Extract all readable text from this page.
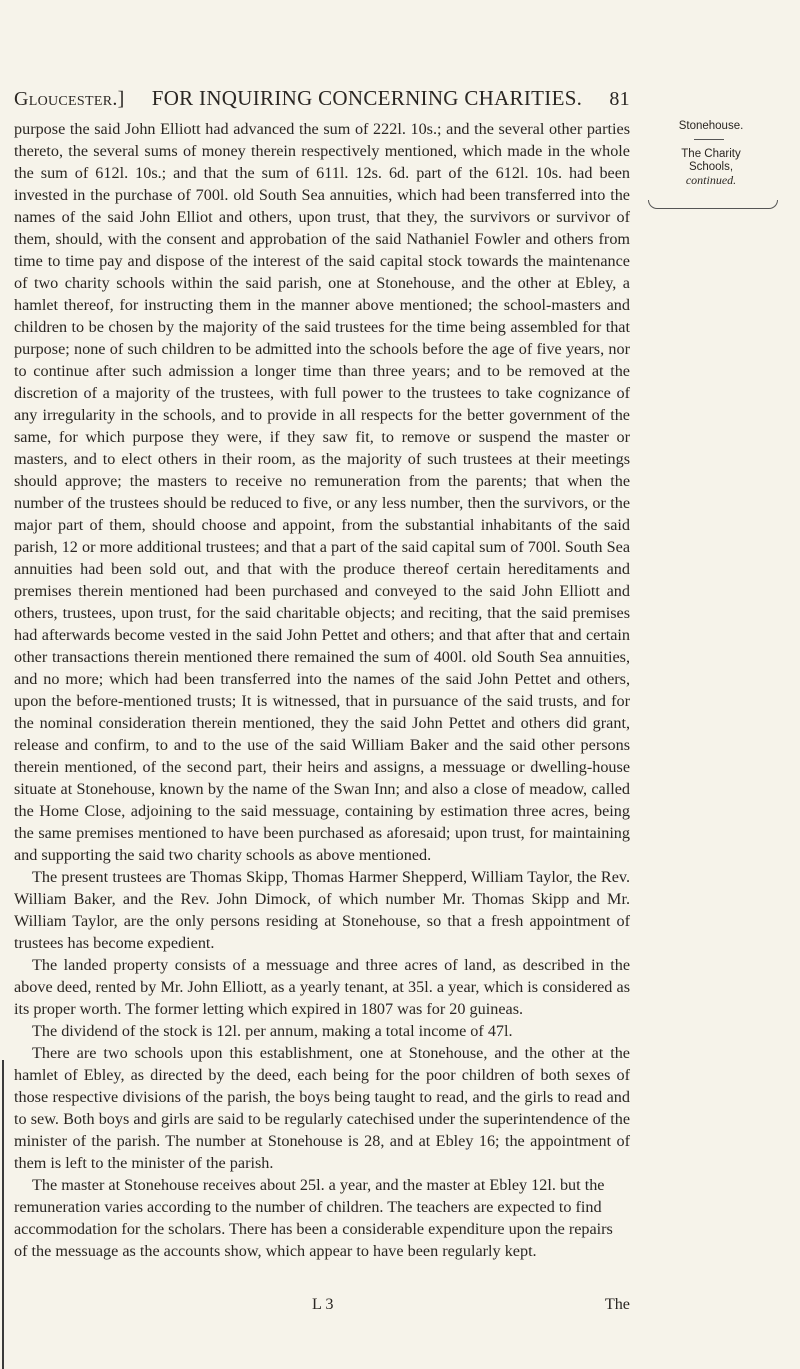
Gloucester.] FOR INQUIRING CONCERNING CHARITIES. 81
Stonehouse.
The Charity
Schools,
continued.

purpose the said John Elliott had advanced the sum of 222l. 10s.; and the several other parties thereto, the several sums of money therein respectively mentioned, which made in the whole the sum of 612l. 10s.; and that the sum of 611l. 12s. 6d. part of the 612l. 10s. had been invested in the purchase of 700l. old South Sea annuities, which had been transferred into the names of the said John Elliot and others, upon trust, that they, the survivors or survivor of them, should, with the consent and approbation of the said Nathaniel Fowler and others from time to time pay and dispose of the interest of the said capital stock towards the maintenance of two charity schools within the said parish, one at Stonehouse, and the other at Ebley, a hamlet thereof, for instructing them in the manner above mentioned; the school-masters and children to be chosen by the majority of the said trustees for the time being assembled for that purpose; none of such children to be admitted into the schools before the age of five years, nor to continue after such admission a longer time than three years; and to be removed at the discretion of a majority of the trustees, with full power to the trustees to take cognizance of any irregularity in the schools, and to provide in all respects for the better government of the same, for which purpose they were, if they saw fit, to remove or suspend the master or masters, and to elect others in their room, as the majority of such trustees at their meetings should approve; the masters to receive no remuneration from the parents; that when the number of the trustees should be reduced to five, or any less number, then the survivors, or the major part of them, should choose and appoint, from the substantial inhabitants of the said parish, 12 or more additional trustees; and that a part of the said capital sum of 700l. South Sea annuities had been sold out, and that with the produce thereof certain hereditaments and premises therein mentioned had been purchased and conveyed to the said John Elliott and others, trustees, upon trust, for the said charitable objects; and reciting, that the said premises had afterwards become vested in the said John Pettet and others; and that after that and certain other transactions therein mentioned there remained the sum of 400l. old South Sea annuities, and no more; which had been transferred into the names of the said John Pettet and others, upon the before-mentioned trusts; It is witnessed, that in pursuance of the said trusts, and for the nominal consideration therein mentioned, they the said John Pettet and others did grant, release and confirm, to and to the use of the said William Baker and the said other persons therein mentioned, of the second part, their heirs and assigns, a messuage or dwelling-house situate at Stonehouse, known by the name of the Swan Inn; and also a close of meadow, called the Home Close, adjoining to the said messuage, containing by estimation three acres, being the same premises mentioned to have been purchased as aforesaid; upon trust, for maintaining and supporting the said two charity schools as above mentioned.

The present trustees are Thomas Skipp, Thomas Harmer Shepperd, William Taylor, the Rev. William Baker, and the Rev. John Dimock, of which number Mr. Thomas Skipp and Mr. William Taylor, are the only persons residing at Stonehouse, so that a fresh appointment of trustees has become expedient.

The landed property consists of a messuage and three acres of land, as described in the above deed, rented by Mr. John Elliott, as a yearly tenant, at 35l. a year, which is considered as its proper worth. The former letting which expired in 1807 was for 20 guineas.

The dividend of the stock is 12l. per annum, making a total income of 47l.

There are two schools upon this establishment, one at Stonehouse, and the other at the hamlet of Ebley, as directed by the deed, each being for the poor children of both sexes of those respective divisions of the parish, the boys being taught to read, and the girls to read and to sew. Both boys and girls are said to be regularly catechised under the superintendence of the minister of the parish. The number at Stonehouse is 28, and at Ebley 16; the appointment of them is left to the minister of the parish.

The master at Stonehouse receives about 25l. a year, and the master at Ebley 12l. but the remuneration varies according to the number of children. The teachers are expected to find accommodation for the scholars. There has been a considerable expenditure upon the repairs of the messuage as the accounts show, which appear to have been regularly kept.

L 3	The
